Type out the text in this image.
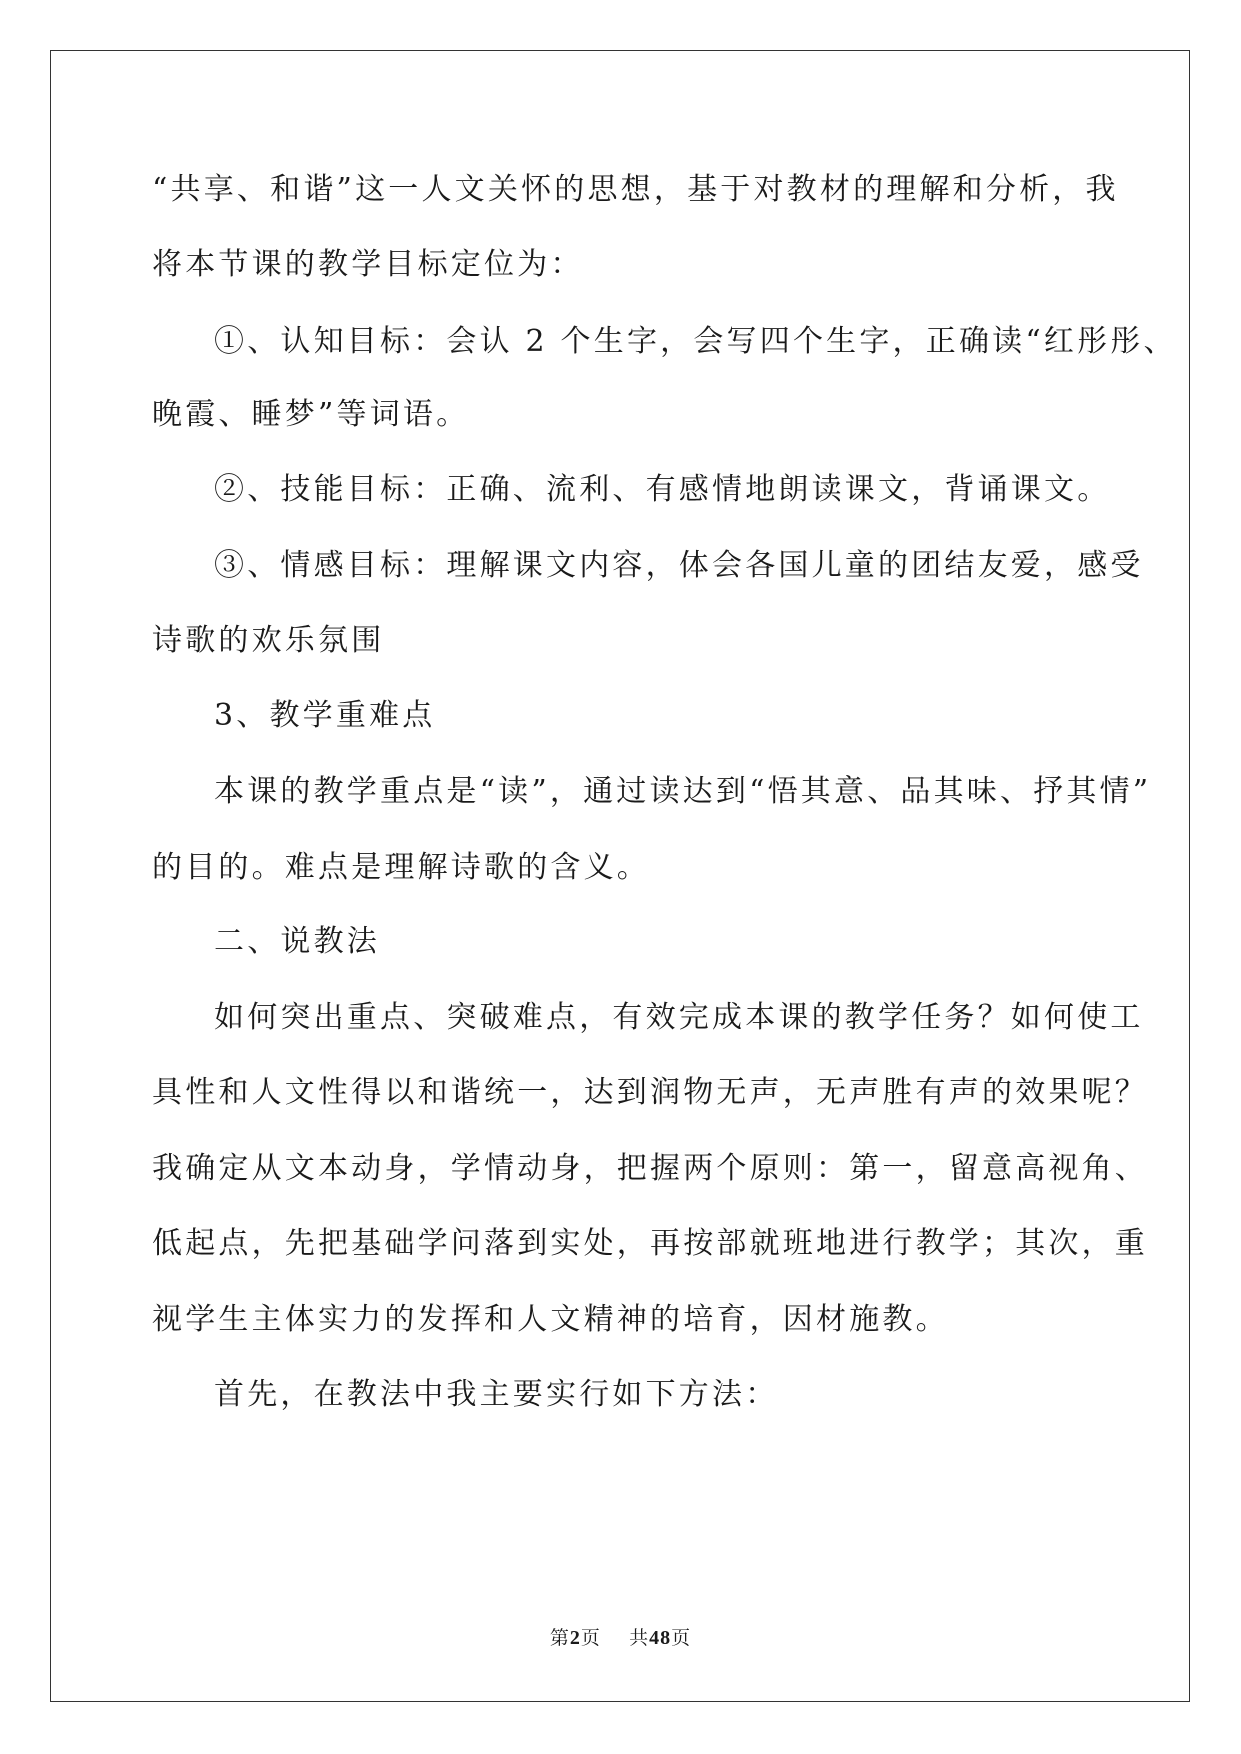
“共享、和谐”这一人文关怀的思想，基于对教材的理解和分析，我
将本节课的教学目标定位为：
①、认知目标：会认 2 个生字，会写四个生字，正确读“红彤彤、
晚霞、睡梦”等词语。
②、技能目标：正确、流利、有感情地朗读课文，背诵课文。
③、情感目标：理解课文内容，体会各国儿童的团结友爱，感受
诗歌的欢乐氛围
3、教学重难点
本课的教学重点是“读”，通过读达到“悟其意、品其味、抒其情”
的目的。难点是理解诗歌的含义。
二、说教法
如何突出重点、突破难点，有效完成本课的教学任务？如何使工
具性和人文性得以和谐统一，达到润物无声，无声胜有声的效果呢？
我确定从文本动身，学情动身，把握两个原则：第一，留意高视角、
低起点，先把基础学问落到实处，再按部就班地进行教学；其次，重
视学生主体实力的发挥和人文精神的培育，因材施教。
首先，在教法中我主要实行如下方法：
第2页 共48页
